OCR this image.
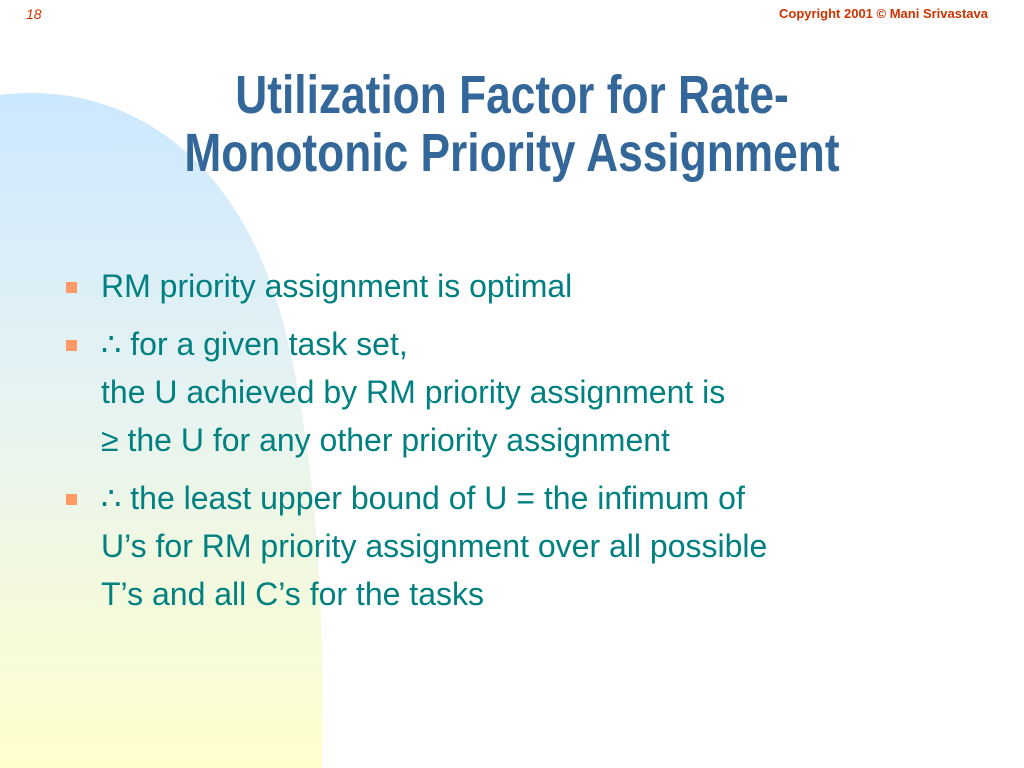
18	Copyright 2001 © Mani Srivastava
Utilization Factor for Rate-
Monotonic Priority Assignment
RM priority assignment is optimal
∴ for a given task set,
the U achieved by RM priority assignment is
≥ the U for any other priority assignment
∴ the least upper bound of U = the infimum of
U’s for RM priority assignment over all possible
T’s and all C’s for the tasks
